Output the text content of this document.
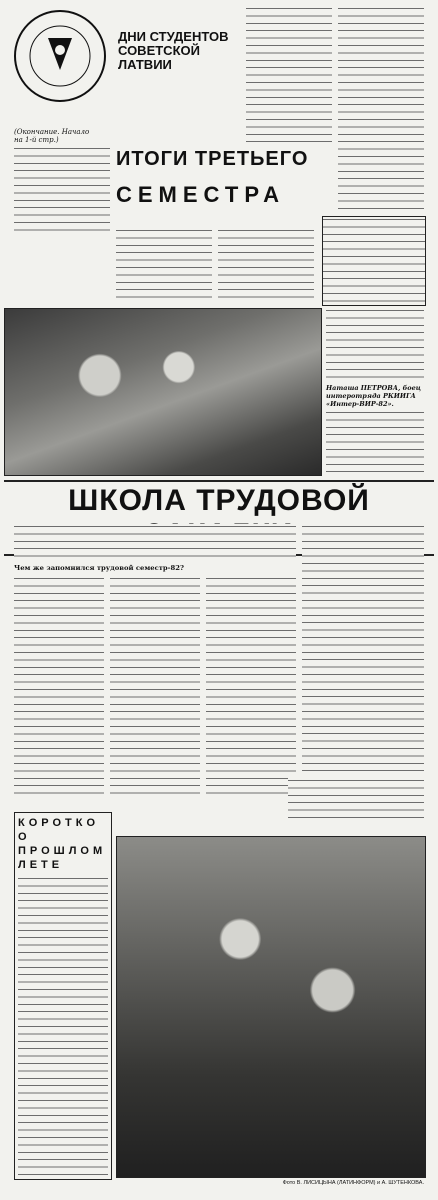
ДНИ СТУДЕНТОВ СОВЕТСКОЙ ЛАТВИИ
(Окончание. Начало на 1-й стр.)
ИТОГИ ТРЕТЬЕГО
СЕМЕСТРА
Наташа ПЕТРОВА, боец интеротряда РКИИГА «Интер-ВИР-82».
ШКОЛА ТРУДОВОЙ
Чем же запомнился трудовой семестр-82?
КОРОТКО О ПРОШЛОМ ЛЕТЕ
Фото В. ЛИСИЦЫНА (ЛАТИНФОРМ) и А. ШУТЕНКОВА.
